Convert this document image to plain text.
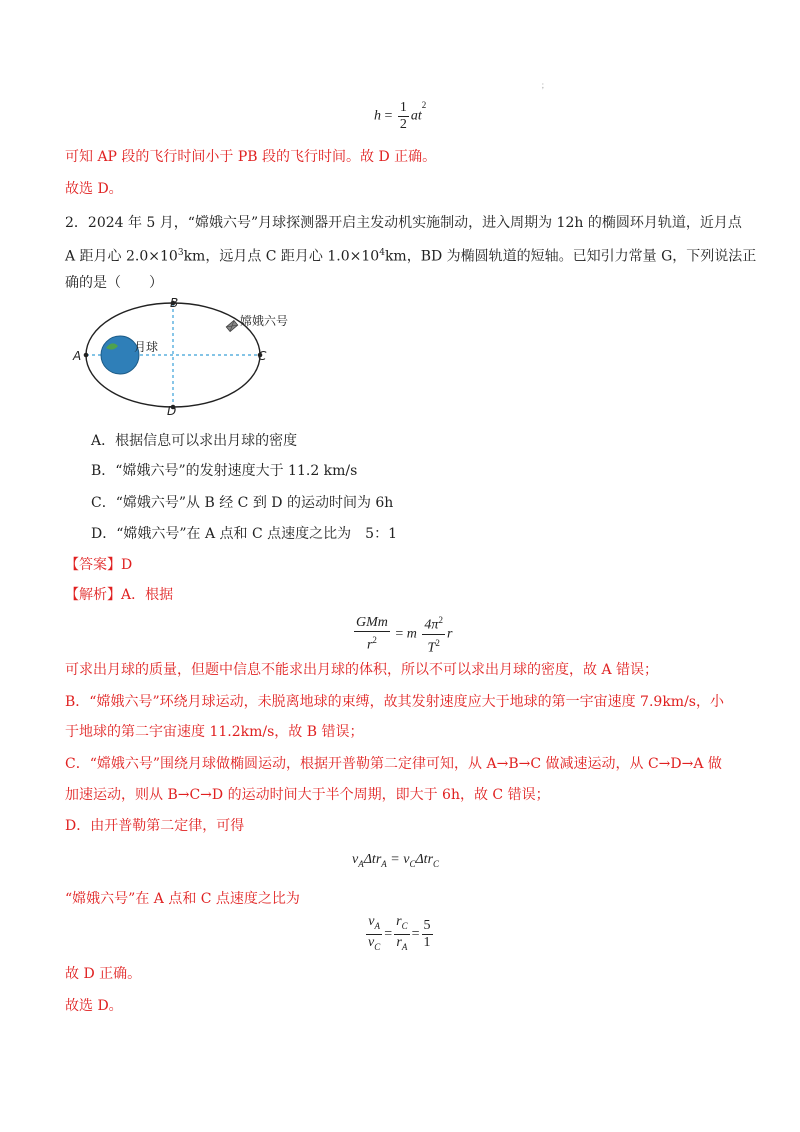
；
$h = \frac{1}{2} at^2$
可知 AP 段的飞行时间小于 PB 段的飞行时间。故 D 正确。
故选 D。
2．2024 年 5 月，“嫦娥六号”月球探测器开启主发动机实施制动，进入周期为 12h 的椭圆环月轨道，近月点
A 距月心 $2.0\times 10^3km$，远月点 C 距月心 $1.0\times 10^4km$，BD 为椭圆轨道的短轴。已知引力常量 G，下列说法正
确的是（　　）
A
B
C
D
月球
嫦娥六号
A．根据信息可以求出月球的密度
B．“嫦娥六号”的发射速度大于 11.2 km/s
C．“嫦娥六号”从 B 经 C 到 D 的运动时间为 6h
D．“嫦娥六号”在 A 点和 C 点速度之比为　5：1
【答案】D
【解析】A．根据
$\frac{\text{GMm}}{r^2} = m \frac{4\pi^2}{T^2}$ r
可求出月球的质量，但题中信息不能求出月球的体积，所以不可以求出月球的密度，故 A 错误；
B．“嫦娥六号”环绕月球运动，未脱离地球的束缚，故其发射速度应大于地球的第一宇宙速度 7.9km/s，小
于地球的第二宇宙速度 11.2km/s，故 B 错误；
C．“嫦娥六号”围绕月球做椭圆运动，根据开普勒第二定律可知，从 A→B→C 做减速运动，从 C→D→A 做
加速运动，则从 B→C→D 的运动时间大于半个周期，即大于 6h，故 C 错误；
D．由开普勒第二定律，可得
$v_A\Delta tr_A = v_C\Delta tr_C$
“嫦娥六号”在 A 点和 C 点速度之比为
$\frac{v_A}{v_C} = \frac{r_C}{r_A} = \frac{5}{1}$
故 D 正确。
故选 D。
